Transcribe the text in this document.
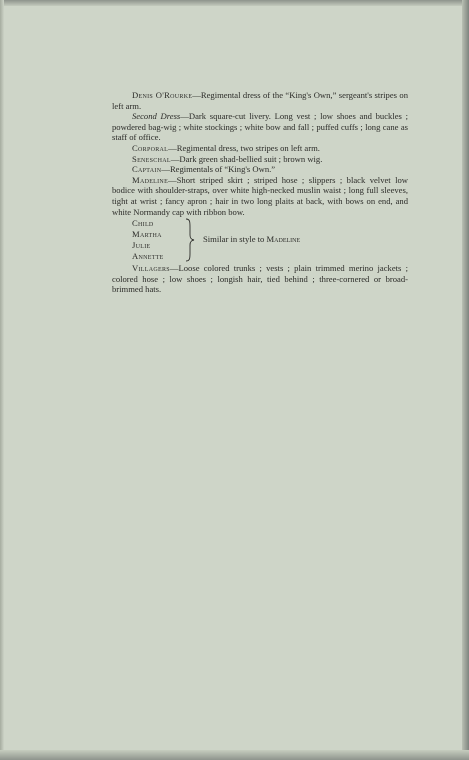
Denis O'Rourke—Regimental dress of the “King's Own,” sergeant's stripes on left arm.

Second Dress—Dark square-cut livery. Long vest ; low shoes and buckles ; powdered bag-wig ; white stockings ; white bow and fall ; puffed cuffs ; long cane as staff of office.

Corporal—Regimental dress, two stripes on left arm.

Seneschal—Dark green shad-bellied suit ; brown wig.

Captain—Regimentals of “King's Own.”

Madeline—Short striped skirt ; striped hose ; slippers ; black velvet low bodice with shoulder-straps, over white high-necked muslin waist ; long full sleeves, tight at wrist ; fancy apron ; hair in two long plaits at back, with bows on end, and white Normandy cap with ribbon bow.

Child
Martha
Julie
Annette
Similar in style to Madeline

Villagers—Loose colored trunks ; vests ; plain trimmed merino jackets ; colored hose ; low shoes ; longish hair, tied behind ; three-cornered or broad-brimmed hats.
